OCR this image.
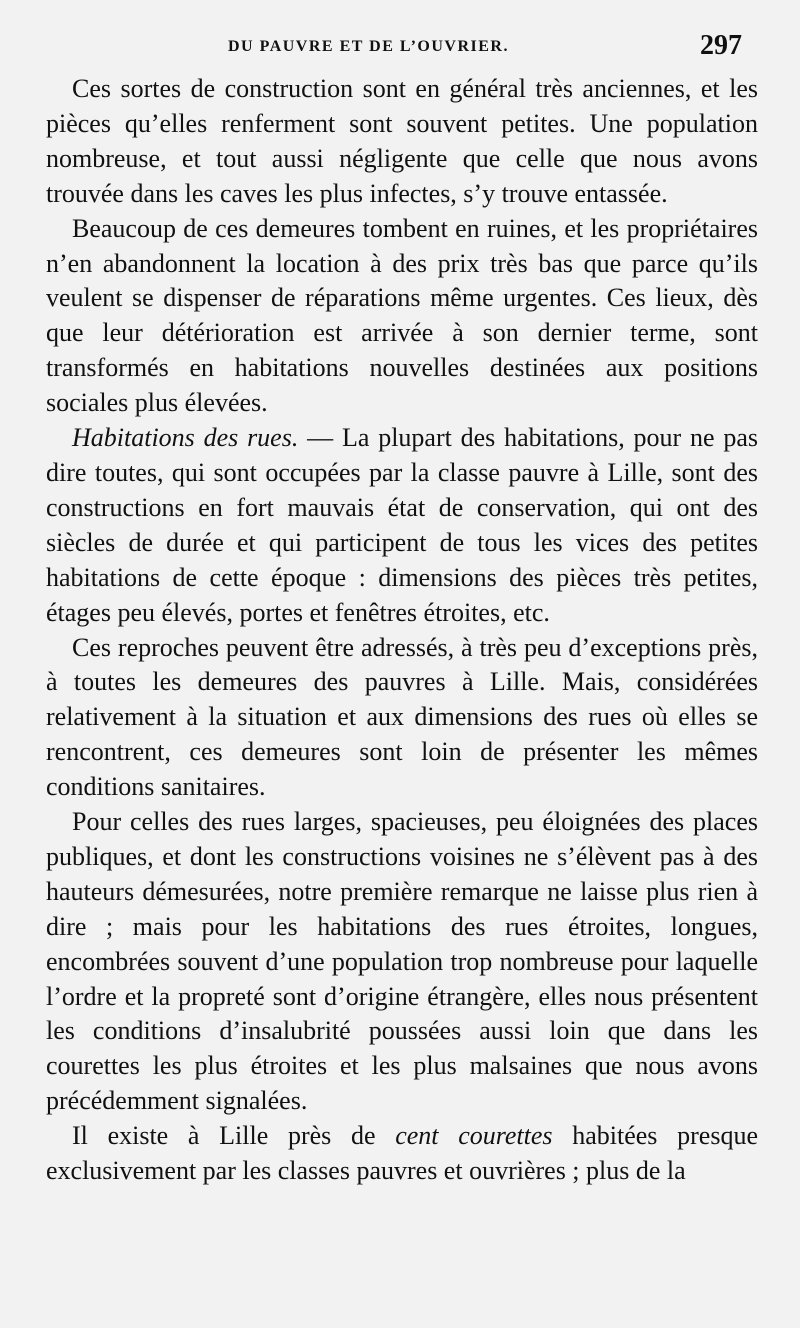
DU PAUVRE ET DE L’OUVRIER.	297

Ces sortes de construction sont en général très anciennes, et les pièces qu’elles renferment sont souvent petites. Une population nombreuse, et tout aussi négligente que celle que nous avons trouvée dans les caves les plus infectes, s’y trouve entassée.

Beaucoup de ces demeures tombent en ruines, et les propriétaires n’en abandonnent la location à des prix très bas que parce qu’ils veulent se dispenser de réparations même urgentes. Ces lieux, dès que leur détérioration est arrivée à son dernier terme, sont transformés en habitations nouvelles destinées aux positions sociales plus élevées.

Habitations des rues. — La plupart des habitations, pour ne pas dire toutes, qui sont occupées par la classe pauvre à Lille, sont des constructions en fort mauvais état de conservation, qui ont des siècles de durée et qui participent de tous les vices des petites habitations de cette époque : dimensions des pièces très petites, étages peu élevés, portes et fenêtres étroites, etc.

Ces reproches peuvent être adressés, à très peu d’exceptions près, à toutes les demeures des pauvres à Lille. Mais, considérées relativement à la situation et aux dimensions des rues où elles se rencontrent, ces demeures sont loin de présenter les mêmes conditions sanitaires.

Pour celles des rues larges, spacieuses, peu éloignées des places publiques, et dont les constructions voisines ne s’élèvent pas à des hauteurs démesurées, notre première remarque ne laisse plus rien à dire ; mais pour les habitations des rues étroites, longues, encombrées souvent d’une population trop nombreuse pour laquelle l’ordre et la propreté sont d’origine étrangère, elles nous présentent les conditions d’insalubrité poussées aussi loin que dans les courettes les plus étroites et les plus malsaines que nous avons précédemment signalées.

Il existe à Lille près de cent courettes habitées presque exclusivement par les classes pauvres et ouvrières ; plus de la
